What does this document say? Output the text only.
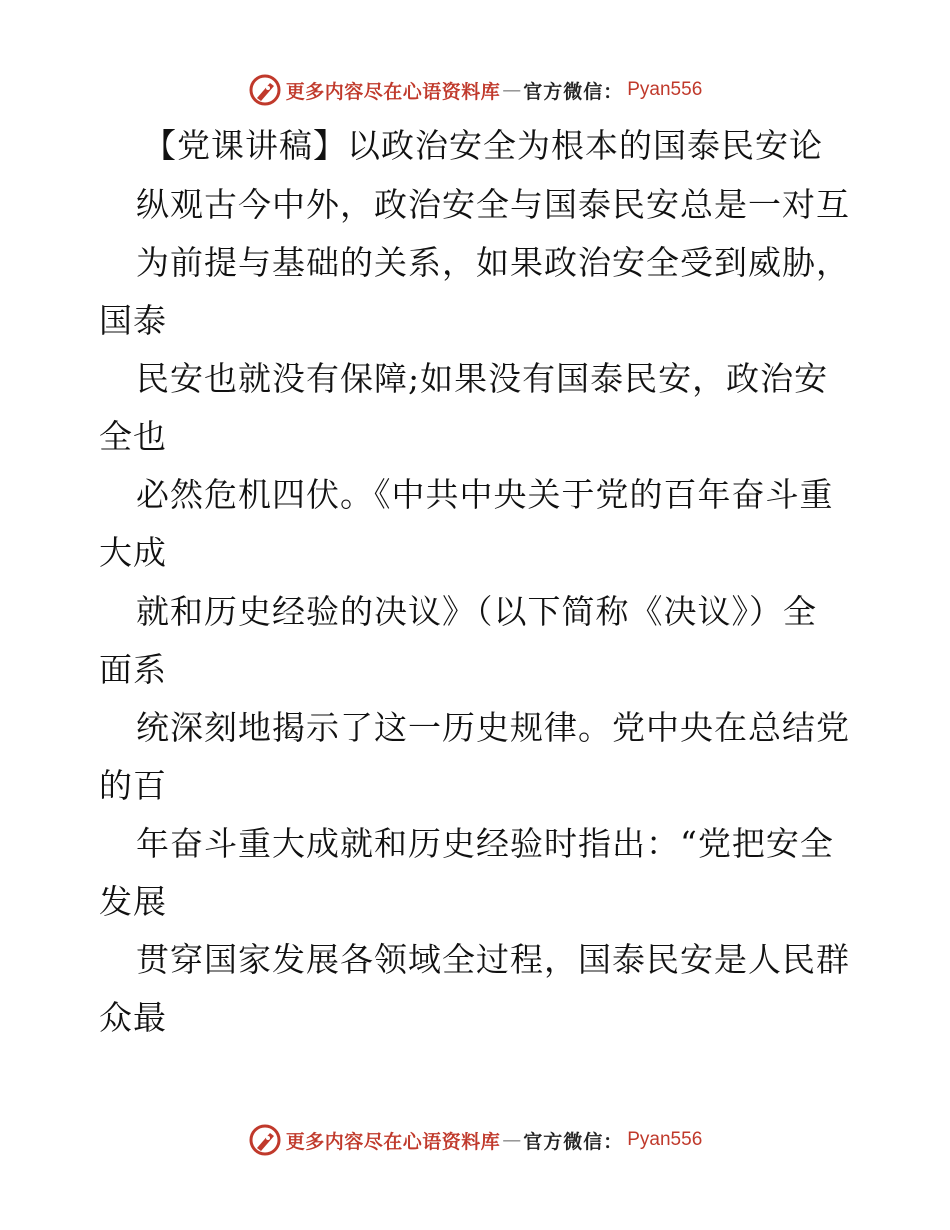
更多内容尽在心语资料库 — 官方微信： Pyan556
【党课讲稿】以政治安全为根本的国泰民安论
纵观古今中外，政治安全与国泰民安总是一对互
为前提与基础的关系，如果政治安全受到威胁，
国泰
民安也就没有保障;如果没有国泰民安，政治安
全也
必然危机四伏。《中共中央关于党的百年奋斗重
大成
就和历史经验的决议》（以下简称《决议》）全
面系
统深刻地揭示了这一历史规律。党中央在总结党
的百
年奋斗重大成就和历史经验时指出：“党把安全
发展
贯穿国家发展各领域全过程，国泰民安是人民群
众最
更多内容尽在心语资料库 — 官方微信： Pyan556
